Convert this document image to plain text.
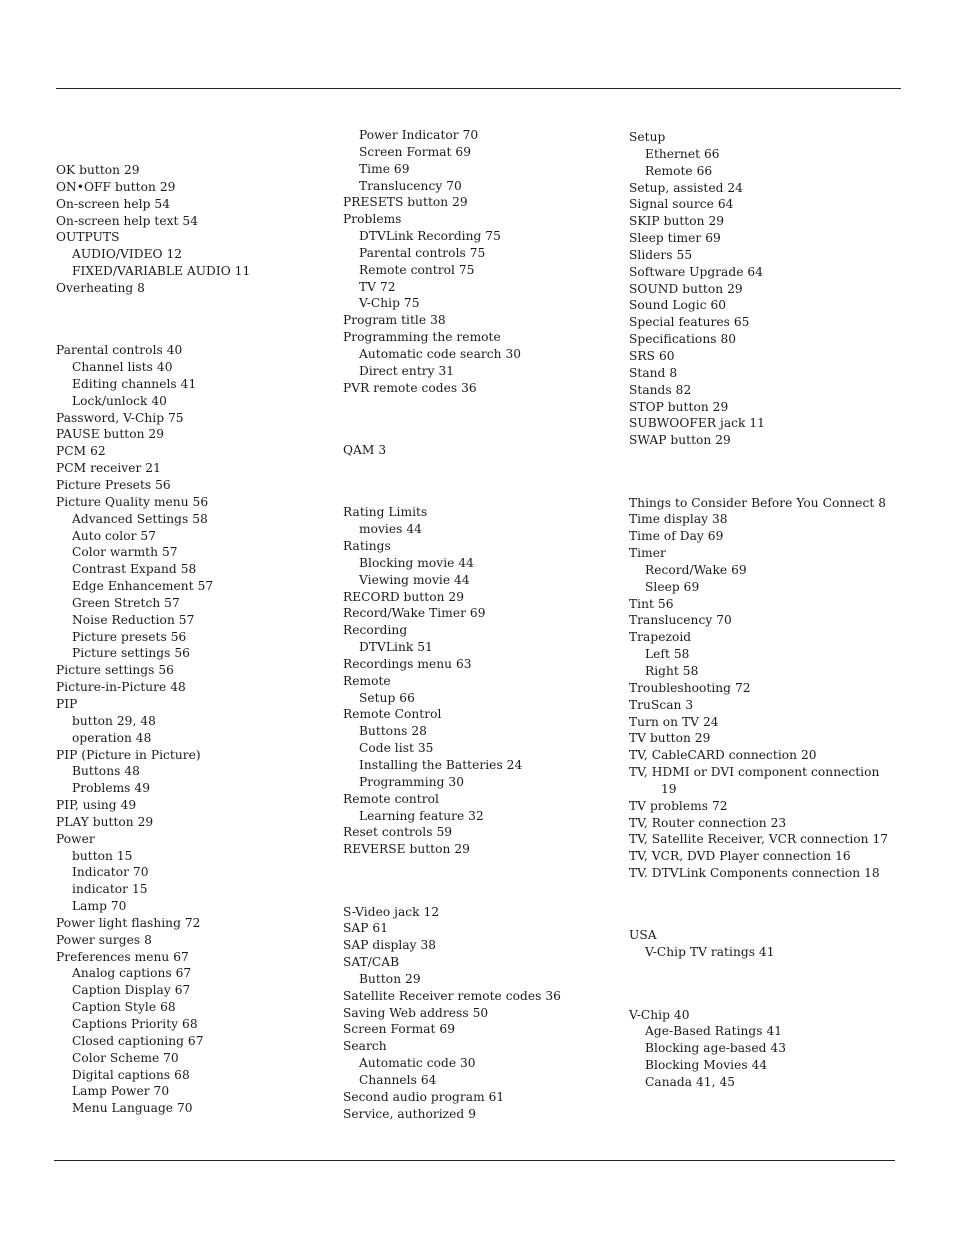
OK button 29
ON•OFF button 29
On-screen help 54
On-screen help text 54
OUTPUTS
AUDIO/VIDEO 12
FIXED/VARIABLE AUDIO 11
Overheating 8
Parental controls 40
Channel lists 40
Editing channels 41
Lock/unlock 40
Password, V-Chip 75
PAUSE button 29
PCM 62
PCM receiver 21
Picture Presets 56
Picture Quality menu 56
Advanced Settings 58
Auto color 57
Color warmth 57
Contrast Expand 58
Edge Enhancement 57
Green Stretch 57
Noise Reduction 57
Picture presets 56
Picture settings 56
Picture settings 56
Picture-in-Picture 48
PIP
button 29, 48
operation 48
PIP (Picture in Picture)
Buttons 48
Problems 49
PIP, using 49
PLAY button 29
Power
button 15
Indicator 70
indicator 15
Lamp 70
Power light flashing 72
Power surges 8
Preferences menu 67
Analog captions 67
Caption Display 67
Caption Style 68
Captions Priority 68
Closed captioning 67
Color Scheme 70
Digital captions 68
Lamp Power 70
Menu Language 70
Power Indicator 70
Screen Format 69
Time 69
Translucency 70
PRESETS button 29
Problems
DTVLink Recording 75
Parental controls 75
Remote control 75
TV 72
V-Chip 75
Program title 38
Programming the remote
Automatic code search 30
Direct entry 31
PVR remote codes 36
QAM 3
Rating Limits
movies 44
Ratings
Blocking movie 44
Viewing movie 44
RECORD button 29
Record/Wake Timer 69
Recording
DTVLink 51
Recordings menu 63
Remote
Setup 66
Remote Control
Buttons 28
Code list 35
Installing the Batteries 24
Programming 30
Remote control
Learning feature 32
Reset controls 59
REVERSE button 29
S-Video jack 12
SAP 61
SAP display 38
SAT/CAB
Button 29
Satellite Receiver remote codes 36
Saving Web address 50
Screen Format 69
Search
Automatic code 30
Channels 64
Second audio program 61
Service, authorized 9
Setup
Ethernet 66
Remote 66
Setup, assisted 24
Signal source 64
SKIP button 29
Sleep timer 69
Sliders 55
Software Upgrade 64
SOUND button 29
Sound Logic 60
Special features 65
Specifications 80
SRS 60
Stand 8
Stands 82
STOP button 29
SUBWOOFER jack 11
SWAP button 29
Things to Consider Before You Connect 8
Time display 38
Time of Day 69
Timer
Record/Wake 69
Sleep 69
Tint 56
Translucency 70
Trapezoid
Left 58
Right 58
Troubleshooting 72
TruScan 3
Turn on TV 24
TV button 29
TV, CableCARD connection 20
TV, HDMI or DVI component connection
19
TV problems 72
TV, Router connection 23
TV, Satellite Receiver, VCR connection 17
TV, VCR, DVD Player connection 16
TV. DTVLink Components connection 18
USA
V-Chip TV ratings 41
V-Chip 40
Age-Based Ratings 41
Blocking age-based 43
Blocking Movies 44
Canada 41, 45
